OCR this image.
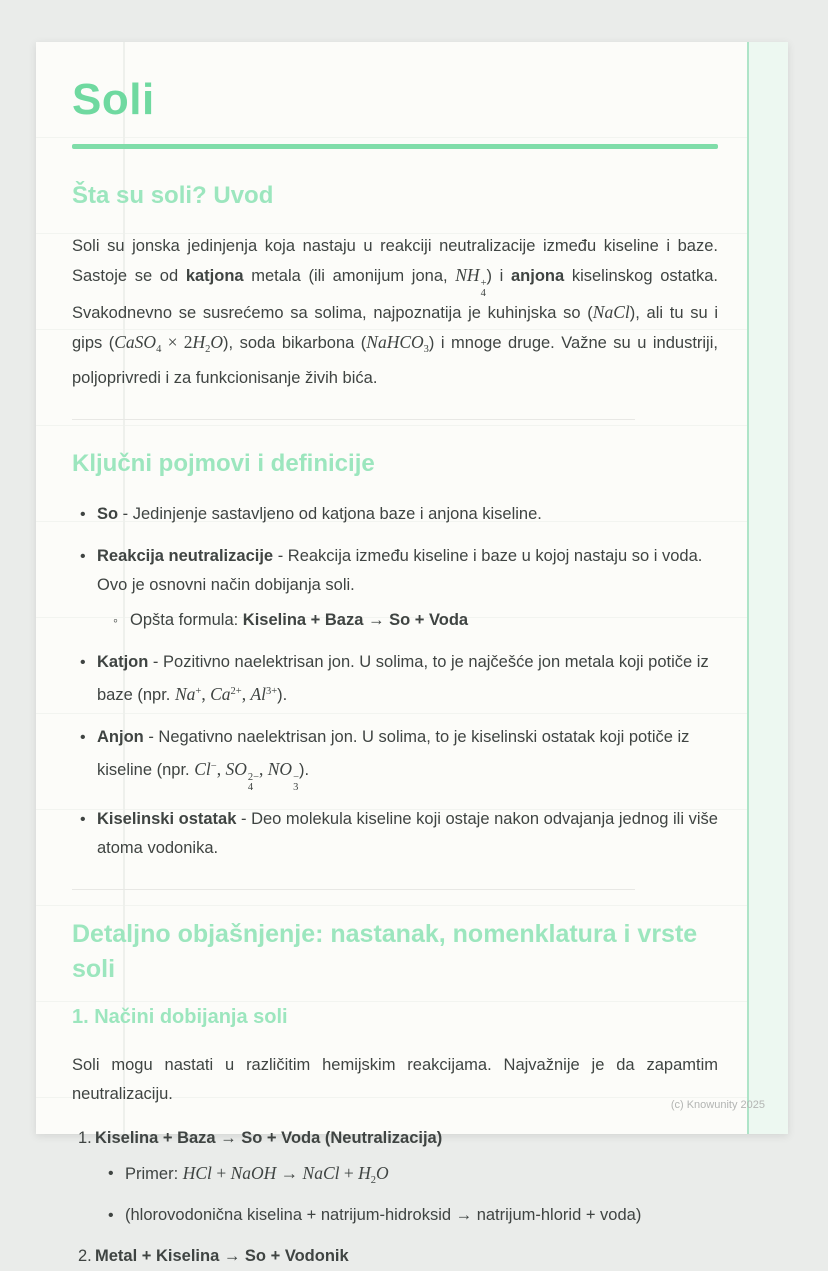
Soli
Šta su soli? Uvod

Soli su jonska jedinjenja koja nastaju u reakciji neutralizacije između kiseline i baze. Sastoje se od katjona metala (ili amonijum jona, NH +
4
) i anjona kiselinskog ostatka. Svakodnevno se susrećemo sa solima, najpoznatija je kuhinjska so (NaCl), ali tu su i gips (CaSO$_4$ × $2H_2O$), soda bikarbona (NaHCO$_3$) i mnoge druge. Važne su u industriji, poljoprivredi i za funkcionisanje živih bića.

Ključni pojmovi i definicije
• So - Jedinjenje sastavljeno od katjona baze i anjona kiseline.
• Reakcija neutralizacije - Reakcija između kiseline i baze u kojoj nastaju so i voda. Ovo je osnovni način dobijanja soli.
◦ Opšta formula: Kiselina + Baza → So + Voda
• Katjon - Pozitivno naelektrisan jon. U solima, to je najčešće jon metala koji potiče iz baze (npr. Na+, $Ca^{2+}$, $Al^{3+}$).
• Anjon - Negativno naelektrisan jon. U solima, to je kiselinski ostatak koji potiče iz kiseline (npr. Cl−, SO 2−
4
, NO −
3
).
• Kiselinski ostatak - Deo molekula kiseline koji ostaje nakon odvajanja jednog ili više atoma vodonika.
Detaljno objašnjenje: nastanak, nomenklatura i vrste soli
1. Načini dobijanja soli

Soli mogu nastati u različitim hemijskim reakcijama. Najvažnije je da zapamtim neutralizaciju.

1. Kiselina + Baza → So + Voda (Neutralizacija)
• Primer: HCl + NaOH → NaCl + $H_2O$
• (hlorovodonična kiselina + natrijum-hidroksid → natrijum-hlorid + voda)
2. Metal + Kiselina → So + Vodonik
(c) Knowunity 2025
